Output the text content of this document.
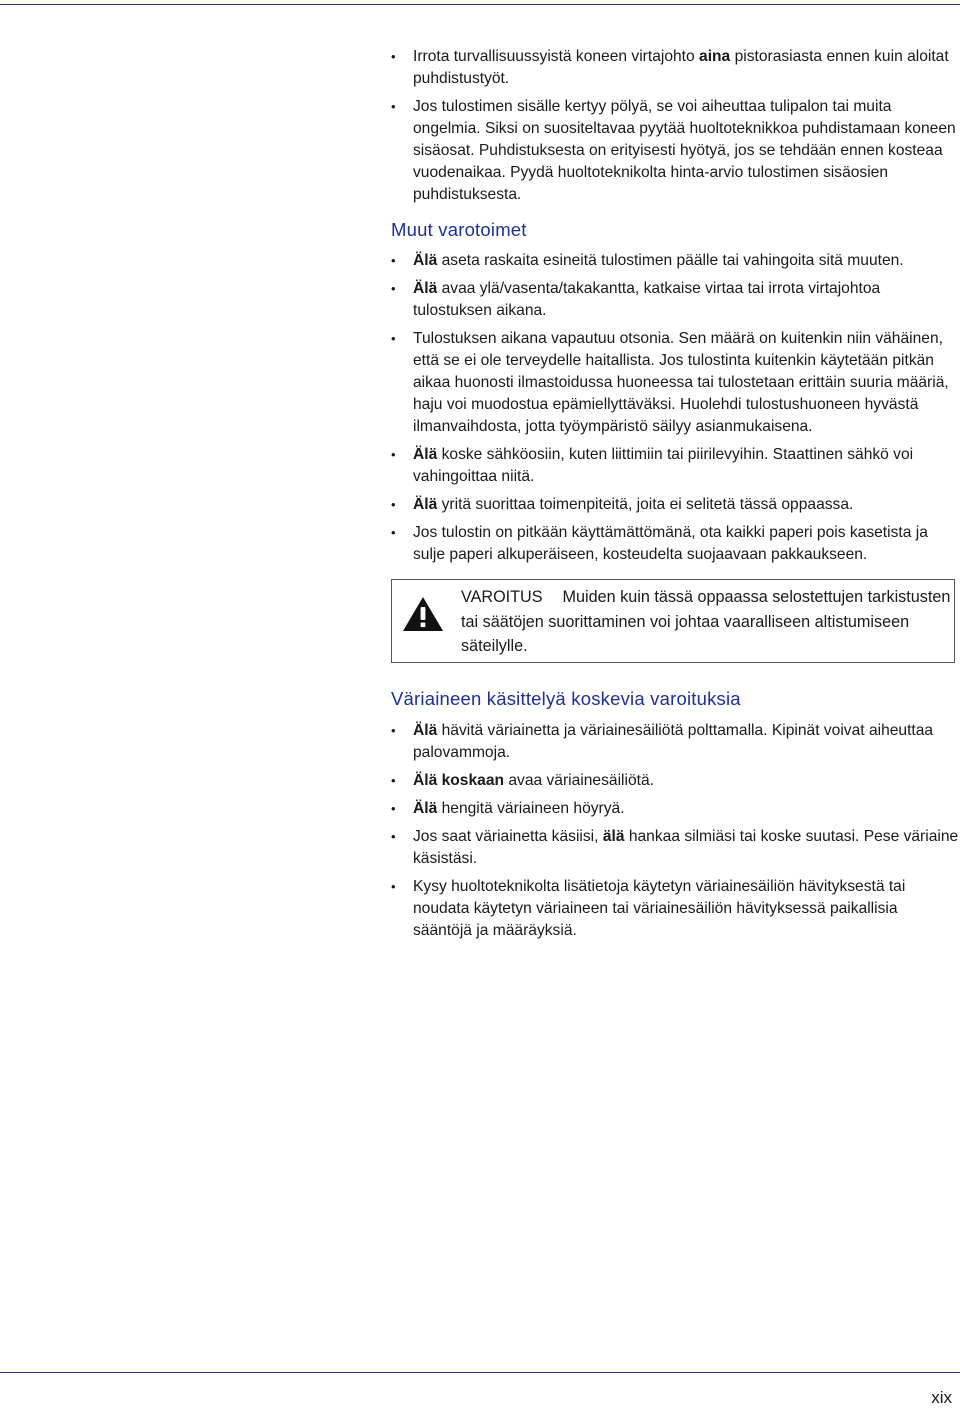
•	Irrota turvallisuussyistä koneen virtajohto aina pistorasiasta ennen kuin aloitat puhdistustyöt.
•	Jos tulostimen sisälle kertyy pölyä, se voi aiheuttaa tulipalon tai muita ongelmia. Siksi on suositeltavaa pyytää huoltoteknikkoa puhdistamaan koneen sisäosat. Puhdistuksesta on erityisesti hyötyä, jos se tehdään ennen kosteaa vuodenaikaa. Pyydä huoltoteknikolta hinta-arvio tulostimen sisäosien puhdistuksesta.
Muut varotoimet
•	Älä aseta raskaita esineitä tulostimen päälle tai vahingoita sitä muuten.
•	Älä avaa ylä/vasenta/takakantta, katkaise virtaa tai irrota virtajohtoa tulostuksen aikana.
•	Tulostuksen aikana vapautuu otsonia. Sen määrä on kuitenkin niin vähäinen, että se ei ole terveydelle haitallista. Jos tulostinta kuitenkin käytetään pitkän aikaa huonosti ilmastoidussa huoneessa tai tulostetaan erittäin suuria määriä, haju voi muodostua epämiellyttäväksi. Huolehdi tulostushuoneen hyvästä ilmanvaihdosta, jotta työympäristö säilyy asianmukaisena.
•	Älä koske sähköosiin, kuten liittimiin tai piirilevyihin. Staattinen sähkö voi vahingoittaa niitä.
•	Älä yritä suorittaa toimenpiteitä, joita ei selitetä tässä oppaassa.
•	Jos tulostin on pitkään käyttämättömänä, ota kaikki paperi pois kasetista ja sulje paperi alkuperäiseen, kosteudelta suojaavaan pakkaukseen.
VAROITUS Muiden kuin tässä oppaassa selostettujen tarkistusten tai säätöjen suorittaminen voi johtaa vaaralliseen altistumiseen säteilylle.
Väriaineen käsittelyä koskevia varoituksia
•	Älä hävitä väriainetta ja väriainesäiliötä polttamalla. Kipinät voivat aiheuttaa palovammoja.
•	Älä koskaan avaa väriainesäiliötä.
•	Älä hengitä väriaineen höyryä.
•	Jos saat väriainetta käsiisi, älä hankaa silmiäsi tai koske suutasi. Pese väriaine käsistäsi.
•	Kysy huoltoteknikolta lisätietoja käytetyn väriainesäiliön hävityksestä tai noudata käytetyn väriaineen tai väriainesäiliön hävityksessä paikallisia sääntöjä ja määräyksiä.
xix
